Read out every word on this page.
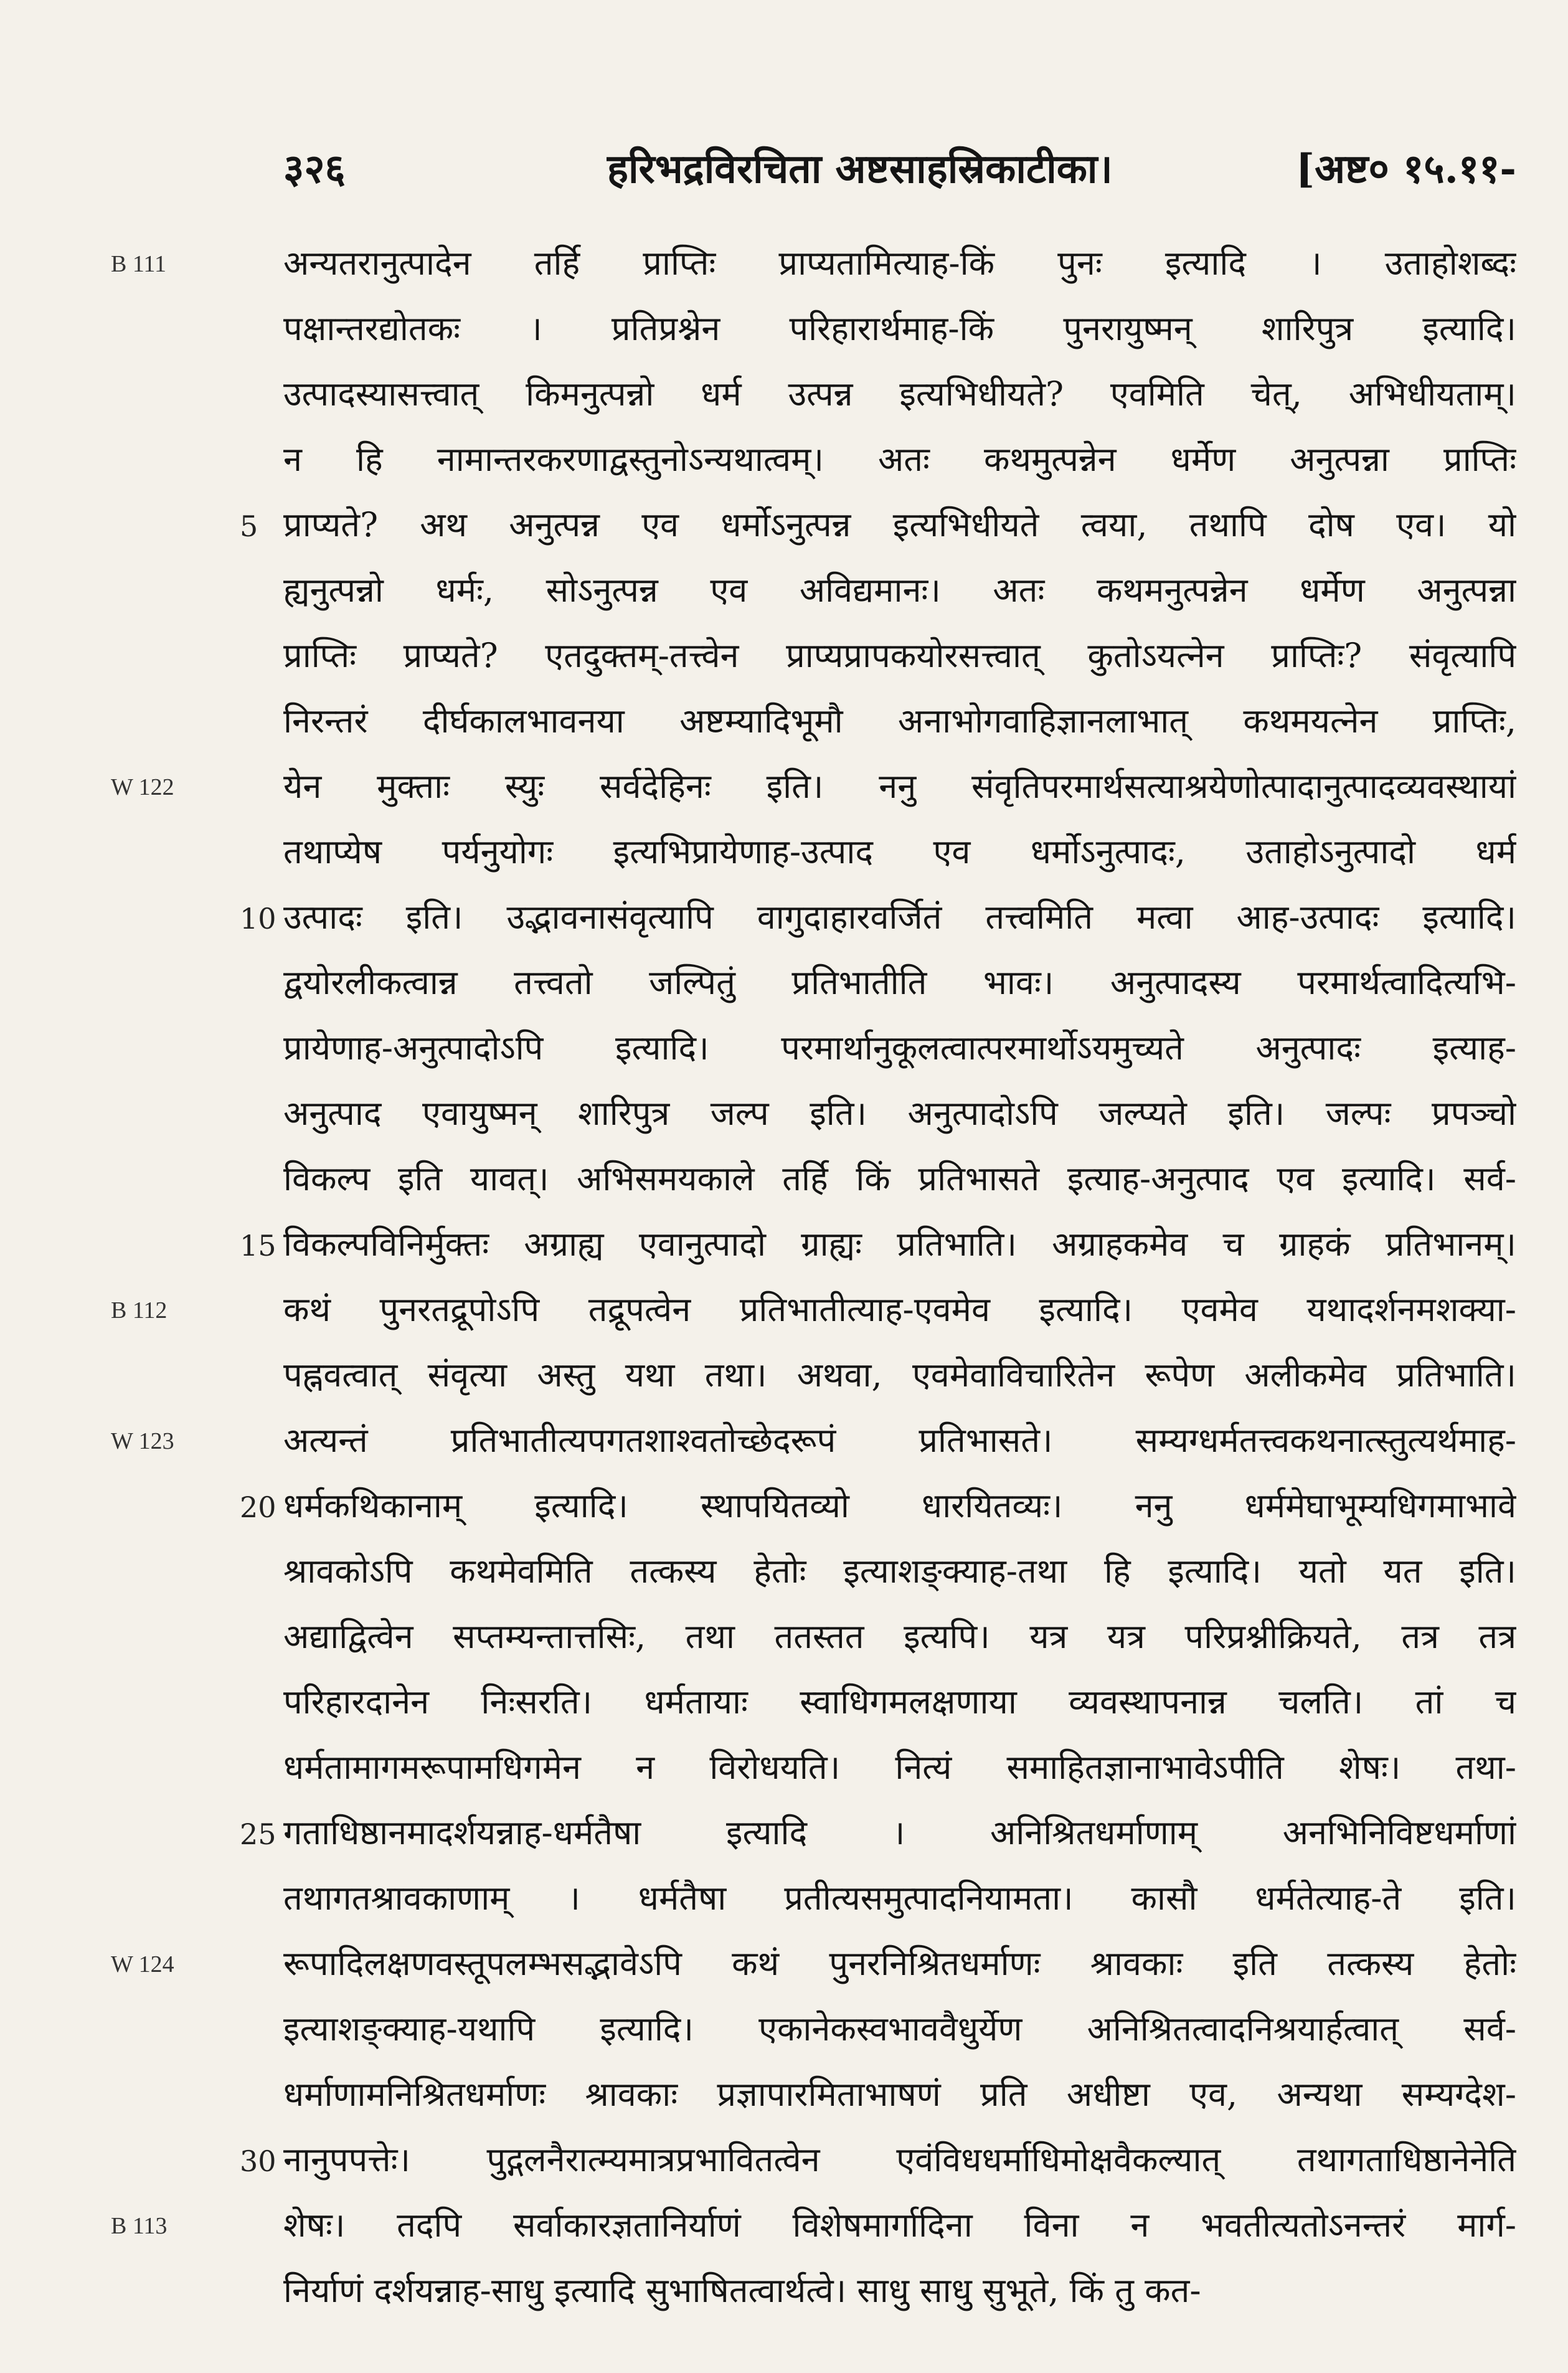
३२६	हरिभद्रविरचिता अष्टसाहस्रिकाटीका।	[अष्ट० १५.११-
B 111
W 122
B 112
W 123
W 124
B 113
5
10
15
20
25
30
अन्यतरानुत्पादेन तर्हि प्राप्तिः प्राप्यतामित्याह-किं पुनः इत्यादि । उताहोशब्दः
पक्षान्तरद्योतकः । प्रतिप्रश्नेन परिहारार्थमाह-किं पुनरायुष्मन् शारिपुत्र इत्यादि।
उत्पादस्यासत्त्वात् किमनुत्पन्नो धर्म उत्पन्न इत्यभिधीयते? एवमिति चेत्, अभिधीयताम्।
न हि नामान्तरकरणाद्वस्तुनोऽन्यथात्वम्। अतः कथमुत्पन्नेन धर्मेण अनुत्पन्ना प्राप्तिः
प्राप्यते? अथ अनुत्पन्न एव धर्मोऽनुत्पन्न इत्यभिधीयते त्वया, तथापि दोष एव। यो
ह्यनुत्पन्नो धर्मः, सोऽनुत्पन्न एव अविद्यमानः। अतः कथमनुत्पन्नेन धर्मेण अनुत्पन्ना
प्राप्तिः प्राप्यते? एतदुक्तम्-तत्त्वेन प्राप्यप्रापकयोरसत्त्वात् कुतोऽयत्नेन प्राप्तिः? संवृत्यापि
निरन्तरं दीर्घकालभावनया अष्टम्यादिभूमौ अनाभोगवाहिज्ञानलाभात् कथमयत्नेन प्राप्तिः,
येन मुक्ताः स्युः सर्वदेहिनः इति। ननु संवृतिपरमार्थसत्याश्रयेणोत्पादानुत्पादव्यवस्थायां
तथाप्येष पर्यनुयोगः इत्यभिप्रायेणाह-उत्पाद एव धर्मोऽनुत्पादः, उताहोऽनुत्पादो धर्म
उत्पादः इति। उद्भावनासंवृत्यापि वागुदाहारवर्जितं तत्त्वमिति मत्वा आह-उत्पादः इत्यादि।
द्वयोरलीकत्वान्न तत्त्वतो जल्पितुं प्रतिभातीति भावः। अनुत्पादस्य परमार्थत्वादित्यभि-
प्रायेणाह-अनुत्पादोऽपि इत्यादि। परमार्थानुकूलत्वात्परमार्थोऽयमुच्यते अनुत्पादः इत्याह-
अनुत्पाद एवायुष्मन् शारिपुत्र जल्प इति। अनुत्पादोऽपि जल्प्यते इति। जल्पः प्रपञ्चो
विकल्प इति यावत्। अभिसमयकाले तर्हि किं प्रतिभासते इत्याह-अनुत्पाद एव इत्यादि। सर्व-
विकल्पविनिर्मुक्तः अग्राह्य एवानुत्पादो ग्राह्यः प्रतिभाति। अग्राहकमेव च ग्राहकं प्रतिभानम्।
कथं पुनरतद्रूपोऽपि तद्रूपत्वेन प्रतिभातीत्याह-एवमेव इत्यादि। एवमेव यथादर्शनमशक्या-
पह्नवत्वात् संवृत्या अस्तु यथा तथा। अथवा, एवमेवाविचारितेन रूपेण अलीकमेव प्रतिभाति।
अत्यन्तं प्रतिभातीत्यपगतशाश्वतोच्छेदरूपं प्रतिभासते। सम्यग्धर्मतत्त्वकथनात्स्तुत्यर्थमाह-
धर्मकथिकानाम् इत्यादि। स्थापयितव्यो धारयितव्यः। ननु धर्ममेघाभूम्यधिगमाभावे
श्रावकोऽपि कथमेवमिति तत्कस्य हेतोः इत्याशङ्क्याह-तथा हि इत्यादि। यतो यत इति।
अद्याद्वित्वेन सप्तम्यन्तात्तसिः, तथा ततस्तत इत्यपि। यत्र यत्र परिप्रश्नीक्रियते, तत्र तत्र
परिहारदानेन निःसरति। धर्मतायाः स्वाधिगमलक्षणाया व्यवस्थापनान्न चलति। तां च
धर्मतामागमरूपामधिगमेन न विरोधयति। नित्यं समाहितज्ञानाभावेऽपीति शेषः। तथा-
गताधिष्ठानमादर्शयन्नाह-धर्मतैषा इत्यादि । अनिश्रितधर्माणाम् अनभिनिविष्टधर्माणां
तथागतश्रावकाणाम् । धर्मतैषा प्रतीत्यसमुत्पादनियामता। कासौ धर्मतेत्याह-ते इति।
रूपादिलक्षणवस्तूपलम्भसद्भावेऽपि कथं पुनरनिश्रितधर्माणः श्रावकाः इति तत्कस्य हेतोः
इत्याशङ्क्याह-यथापि इत्यादि। एकानेकस्वभाववैधुर्येण अनिश्रितत्वादनिश्रयार्हत्वात् सर्व-
धर्माणामनिश्रितधर्माणः श्रावकाः प्रज्ञापारमिताभाषणं प्रति अधीष्टा एव, अन्यथा सम्यग्देश-
नानुपपत्तेः। पुद्गलनैरात्म्यमात्रप्रभावितत्वेन एवंविधधर्माधिमोक्षवैकल्यात् तथागताधिष्ठानेनेति
शेषः। तदपि सर्वाकारज्ञतानिर्याणं विशेषमार्गादिना विना न भवतीत्यतोऽनन्तरं मार्ग-
निर्याणं दर्शयन्नाह-साधु इत्यादि सुभाषितत्वार्थत्वे। साधु साधु सुभूते, किं तु कत-
